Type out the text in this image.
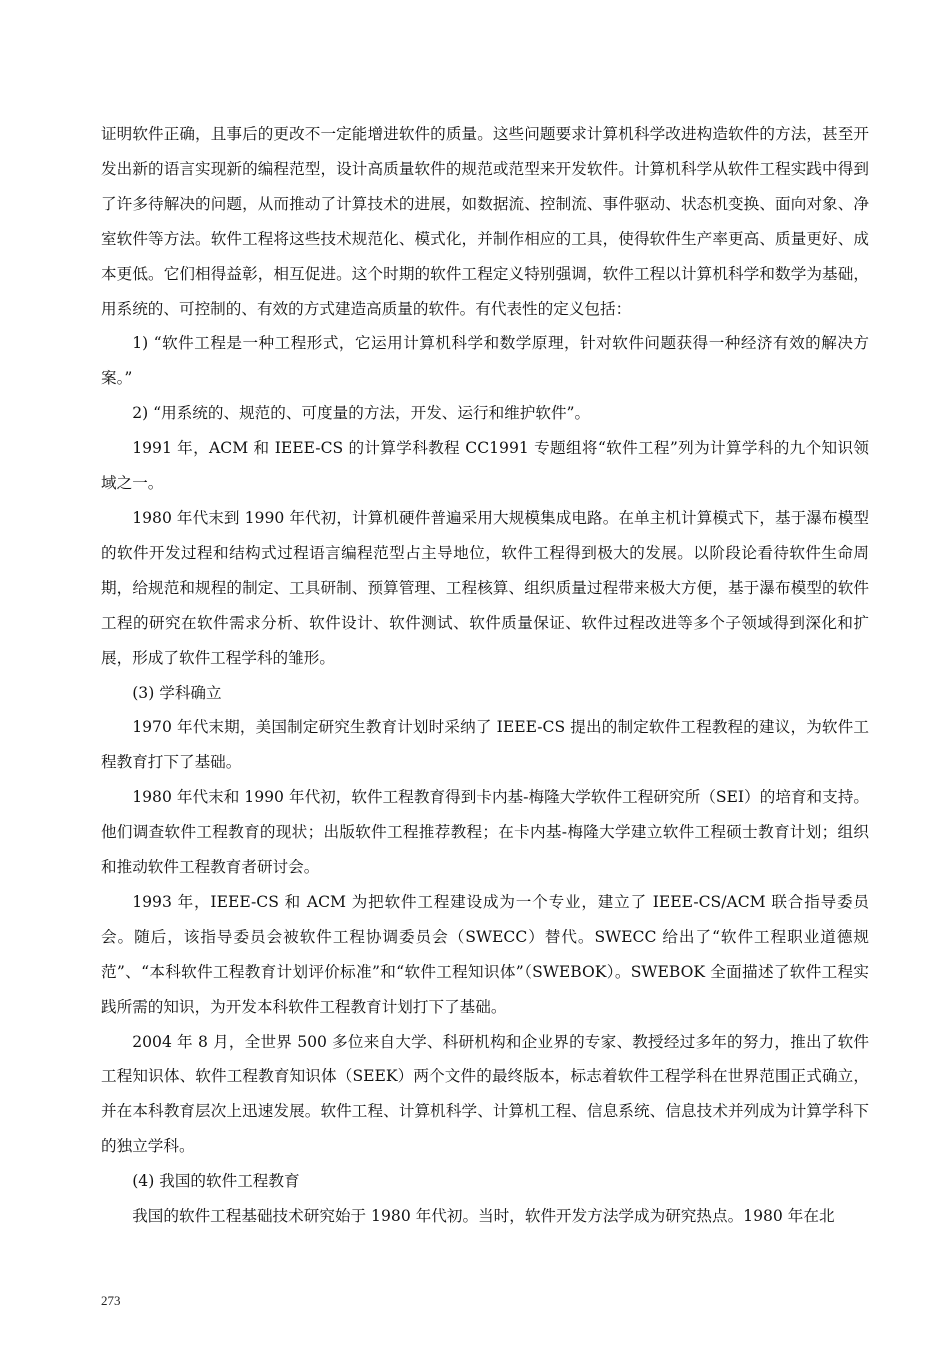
证明软件正确，且事后的更改不一定能增进软件的质量。这些问题要求计算机科学改进构造软件的方法，甚至开发出新的语言实现新的编程范型，设计高质量软件的规范或范型来开发软件。计算机科学从软件工程实践中得到了许多待解决的问题，从而推动了计算技术的进展，如数据流、控制流、事件驱动、状态机变换、面向对象、净室软件等方法。软件工程将这些技术规范化、模式化，并制作相应的工具，使得软件生产率更高、质量更好、成本更低。它们相得益彰，相互促进。这个时期的软件工程定义特别强调，软件工程以计算机科学和数学为基础，用系统的、可控制的、有效的方式建造高质量的软件。有代表性的定义包括：

1) “软件工程是一种工程形式，它运用计算机科学和数学原理，针对软件问题获得一种经济有效的解决方案。”

2) “用系统的、规范的、可度量的方法，开发、运行和维护软件”。

1991 年，ACM 和 IEEE-CS 的计算学科教程 CC1991 专题组将“软件工程”列为计算学科的九个知识领域之一。

1980 年代末到 1990 年代初，计算机硬件普遍采用大规模集成电路。在单主机计算模式下，基于瀑布模型的软件开发过程和结构式过程语言编程范型占主导地位，软件工程得到极大的发展。以阶段论看待软件生命周期，给规范和规程的制定、工具研制、预算管理、工程核算、组织质量过程带来极大方便，基于瀑布模型的软件工程的研究在软件需求分析、软件设计、软件测试、软件质量保证、软件过程改进等多个子领域得到深化和扩展，形成了软件工程学科的雏形。

(3) 学科确立

1970 年代末期，美国制定研究生教育计划时采纳了 IEEE-CS 提出的制定软件工程教程的建议，为软件工程教育打下了基础。

1980 年代末和 1990 年代初，软件工程教育得到卡内基-梅隆大学软件工程研究所（SEI）的培育和支持。他们调查软件工程教育的现状；出版软件工程推荐教程；在卡内基-梅隆大学建立软件工程硕士教育计划；组织和推动软件工程教育者研讨会。

1993 年，IEEE-CS 和 ACM 为把软件工程建设成为一个专业，建立了 IEEE-CS/ACM 联合指导委员会。随后，该指导委员会被软件工程协调委员会（SWECC）替代。SWECC 给出了“软件工程职业道德规范”、“本科软件工程教育计划评价标准”和“软件工程知识体”（SWEBOK）。SWEBOK 全面描述了软件工程实践所需的知识，为开发本科软件工程教育计划打下了基础。

2004 年 8 月，全世界 500 多位来自大学、科研机构和企业界的专家、教授经过多年的努力，推出了软件工程知识体、软件工程教育知识体（SEEK）两个文件的最终版本，标志着软件工程学科在世界范围正式确立，并在本科教育层次上迅速发展。软件工程、计算机科学、计算机工程、信息系统、信息技术并列成为计算学科下的独立学科。

(4) 我国的软件工程教育

我国的软件工程基础技术研究始于 1980 年代初。当时，软件开发方法学成为研究热点。1980 年在北

273
